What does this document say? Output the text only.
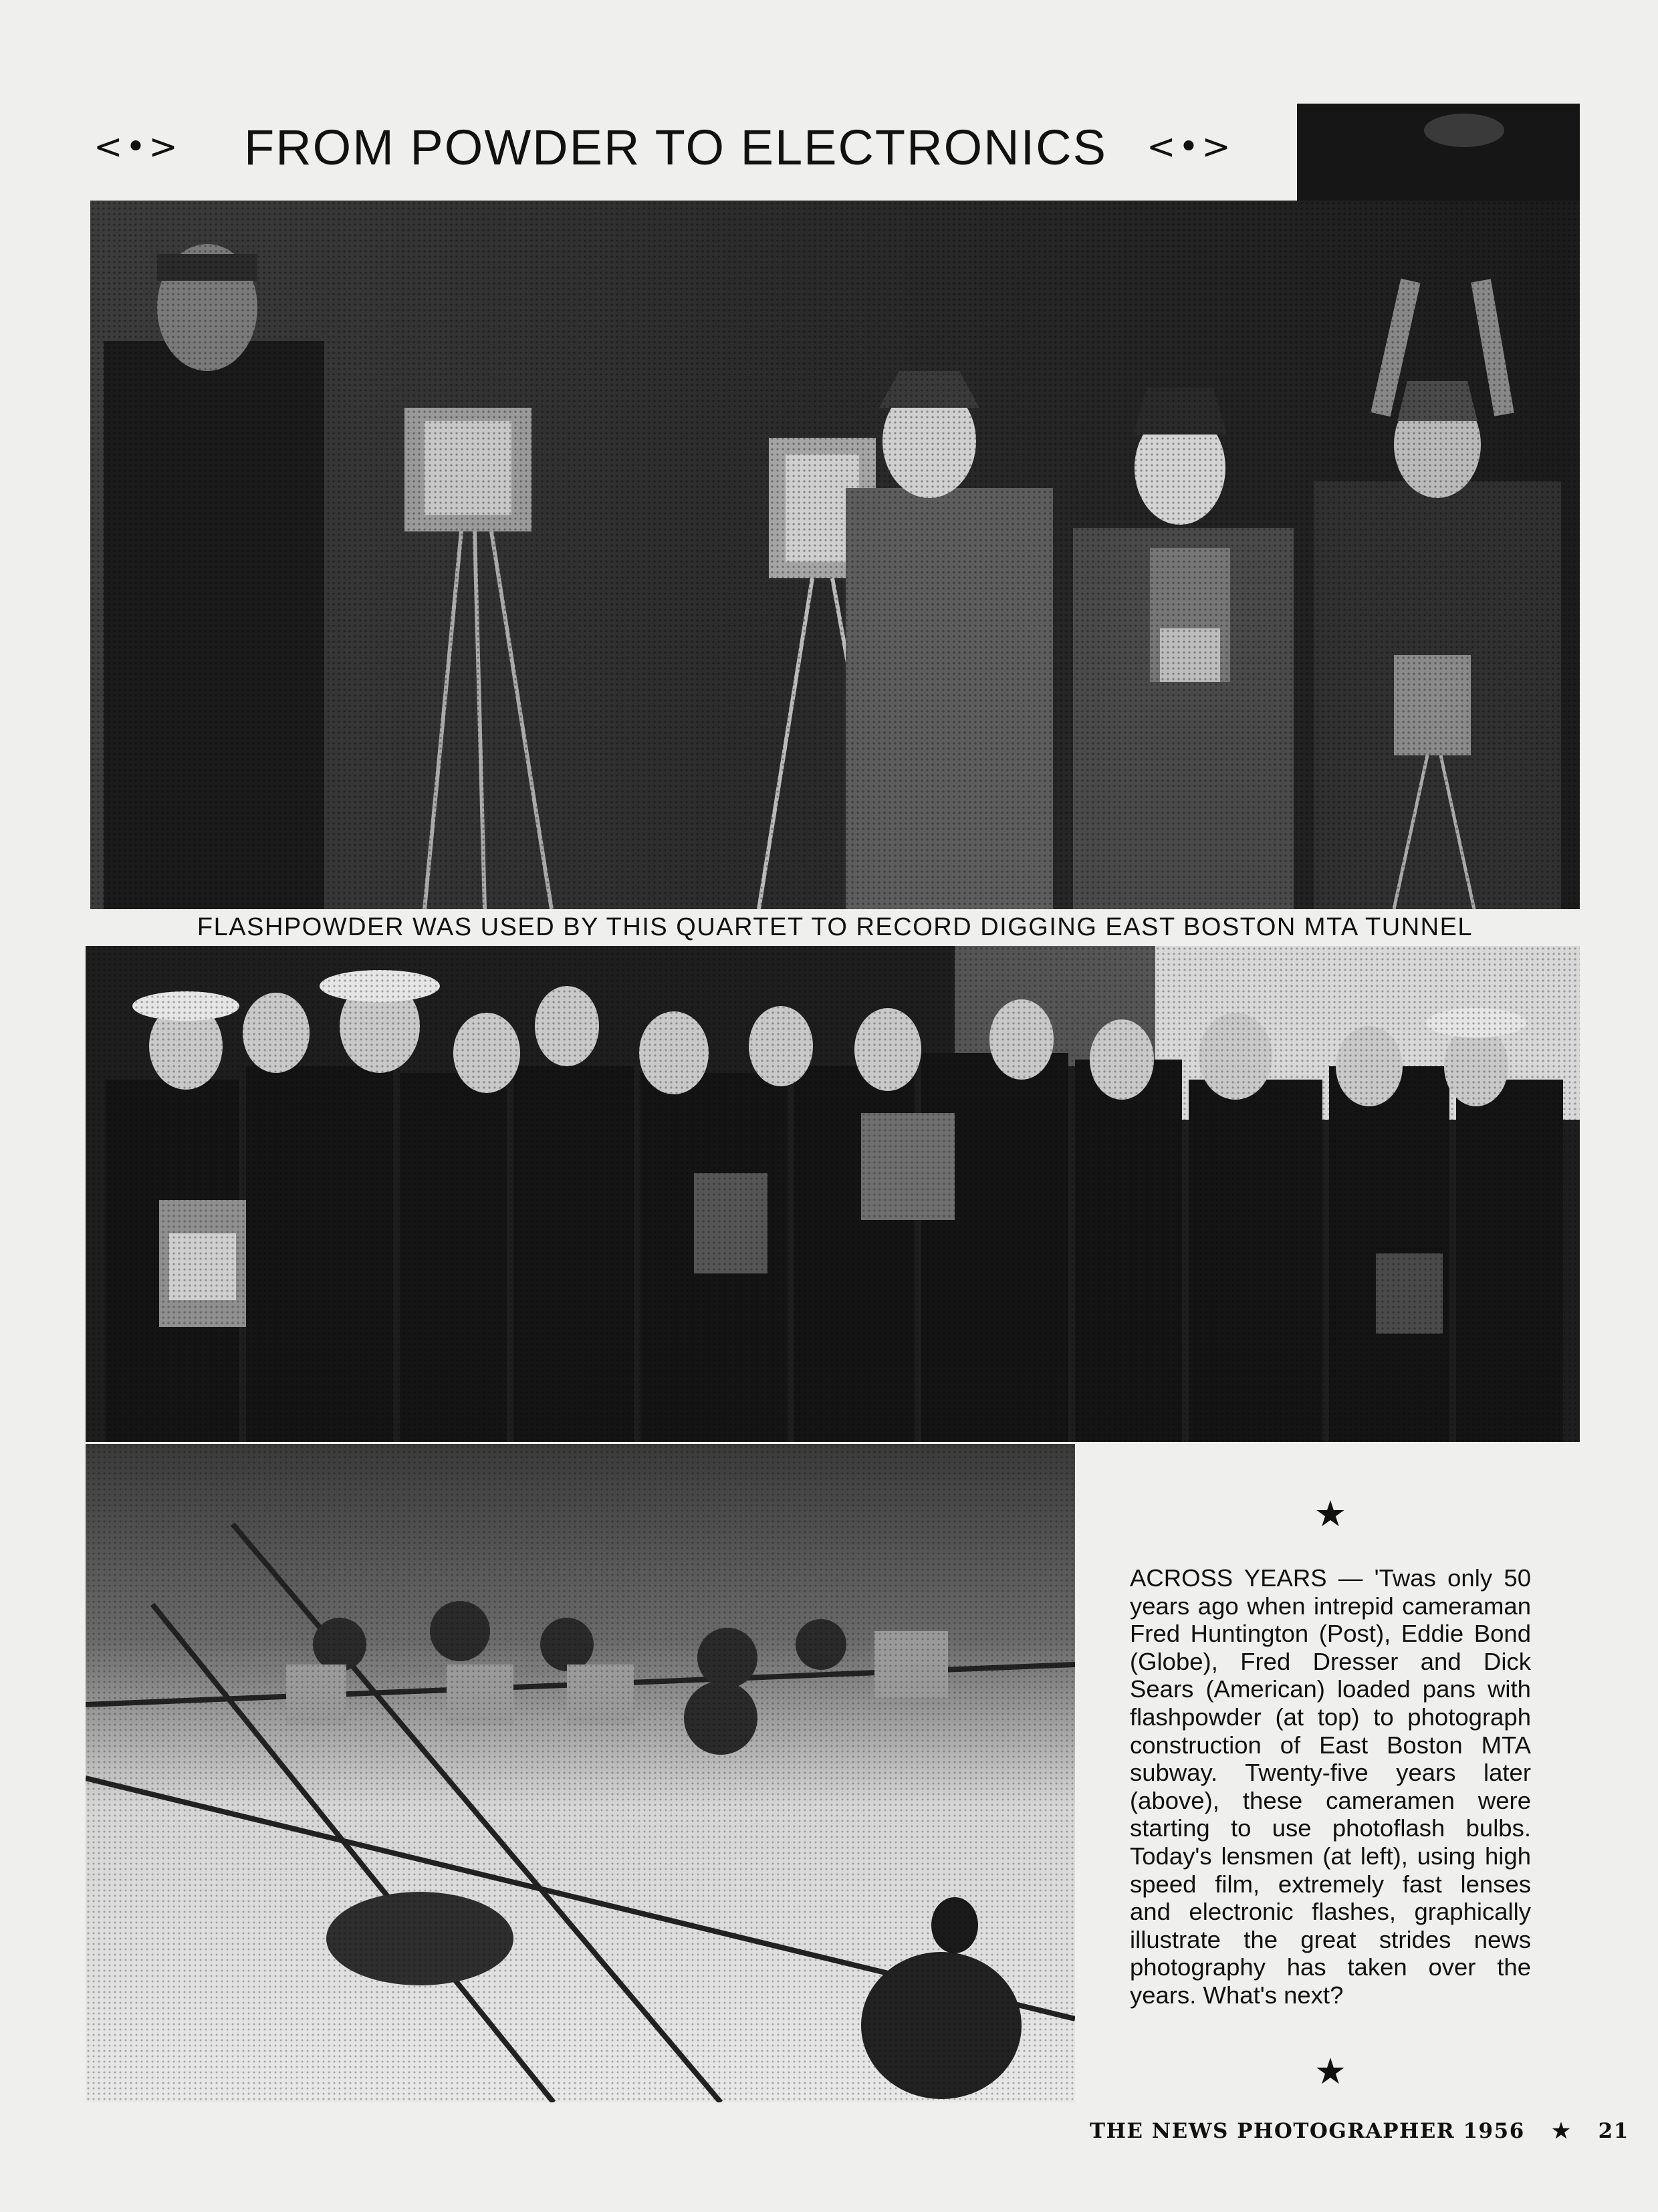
<•> FROM POWDER TO ELECTRONICS <•>

FLASHPOWDER WAS USED BY THIS QUARTET TO RECORD DIGGING EAST BOSTON MTA TUNNEL

★

ACROSS YEARS — 'Twas only 50 years ago when intrepid cameraman Fred Huntington (Post), Eddie Bond (Globe), Fred Dresser and Dick Sears (American) loaded pans with flashpowder (at top) to photograph construction of East Boston MTA subway. Twenty-five years later (above), these cameramen were starting to use photoflash bulbs. Today's lensmen (at left), using high speed film, extremely fast lenses and electronic flashes, graphically illustrate the great strides news photography has taken over the years. What's next?

★

THE NEWS PHOTOGRAPHER 1956 ★ 21
